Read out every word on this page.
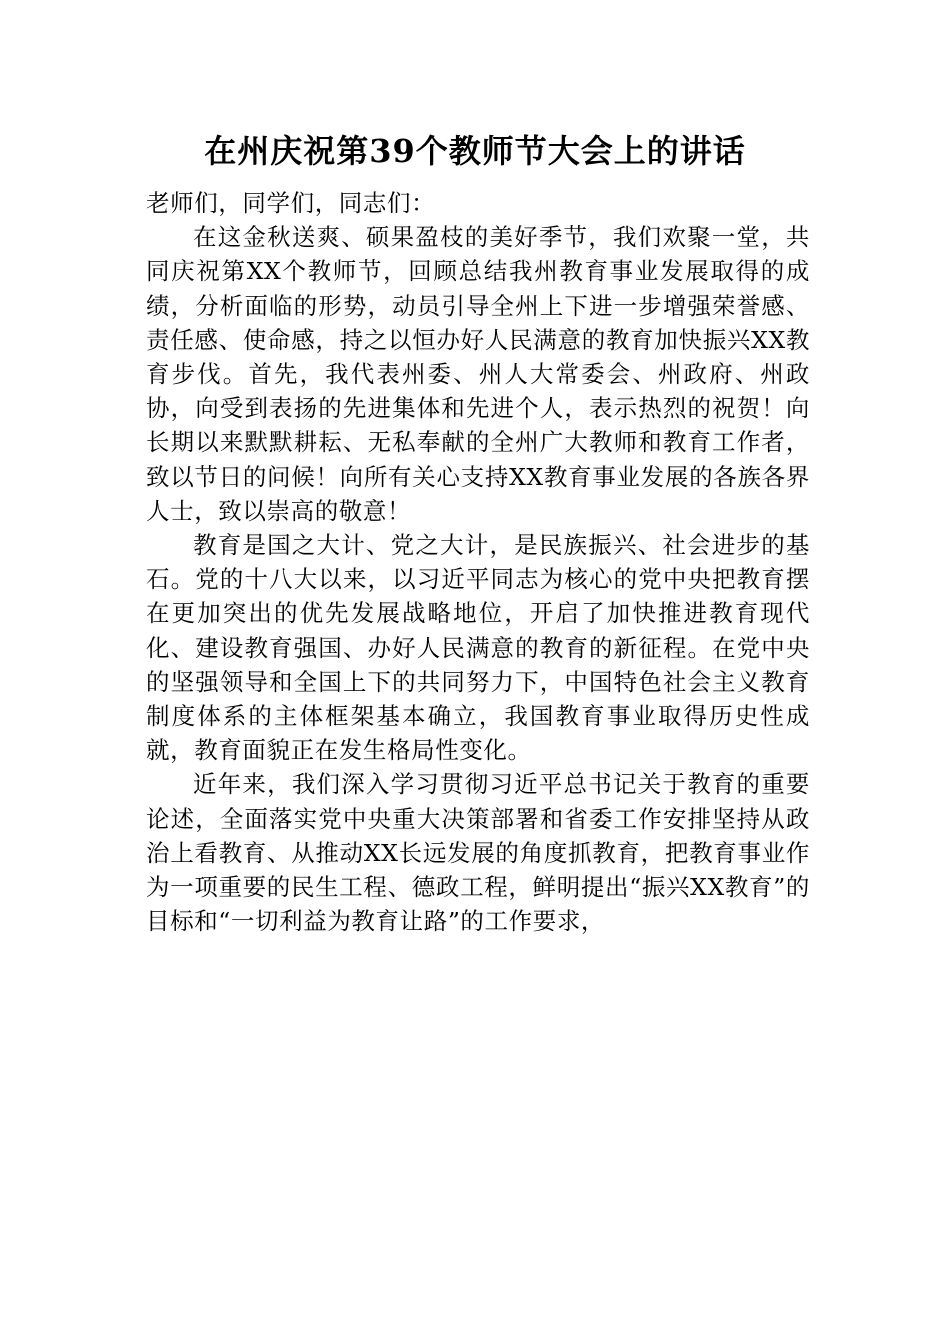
在州庆祝第39个教师节大会上的讲话

老师们，同学们，同志们：

在这金秋送爽、硕果盈枝的美好季节，我们欢聚一堂，共同庆祝第XX个教师节，回顾总结我州教育事业发展取得的成绩，分析面临的形势，动员引导全州上下进一步增强荣誉感、责任感、使命感，持之以恒办好人民满意的教育加快振兴XX教育步伐。首先，我代表州委、州人大常委会、州政府、州政协，向受到表扬的先进集体和先进个人，表示热烈的祝贺！向长期以来默默耕耘、无私奉献的全州广大教师和教育工作者，致以节日的问候！向所有关心支持XX教育事业发展的各族各界人士，致以崇高的敬意！

教育是国之大计、党之大计，是民族振兴、社会进步的基石。党的十八大以来，以习近平同志为核心的党中央把教育摆在更加突出的优先发展战略地位，开启了加快推进教育现代化、建设教育强国、办好人民满意的教育的新征程。在党中央的坚强领导和全国上下的共同努力下，中国特色社会主义教育制度体系的主体框架基本确立，我国教育事业取得历史性成就，教育面貌正在发生格局性变化。

近年来，我们深入学习贯彻习近平总书记关于教育的重要论述，全面落实党中央重大决策部署和省委工作安排坚持从政治上看教育、从推动XX长远发展的角度抓教育，把教育事业作为一项重要的民生工程、德政工程，鲜明提出“振兴XX教育”的目标和“一切利益为教育让路”的工作要求，
